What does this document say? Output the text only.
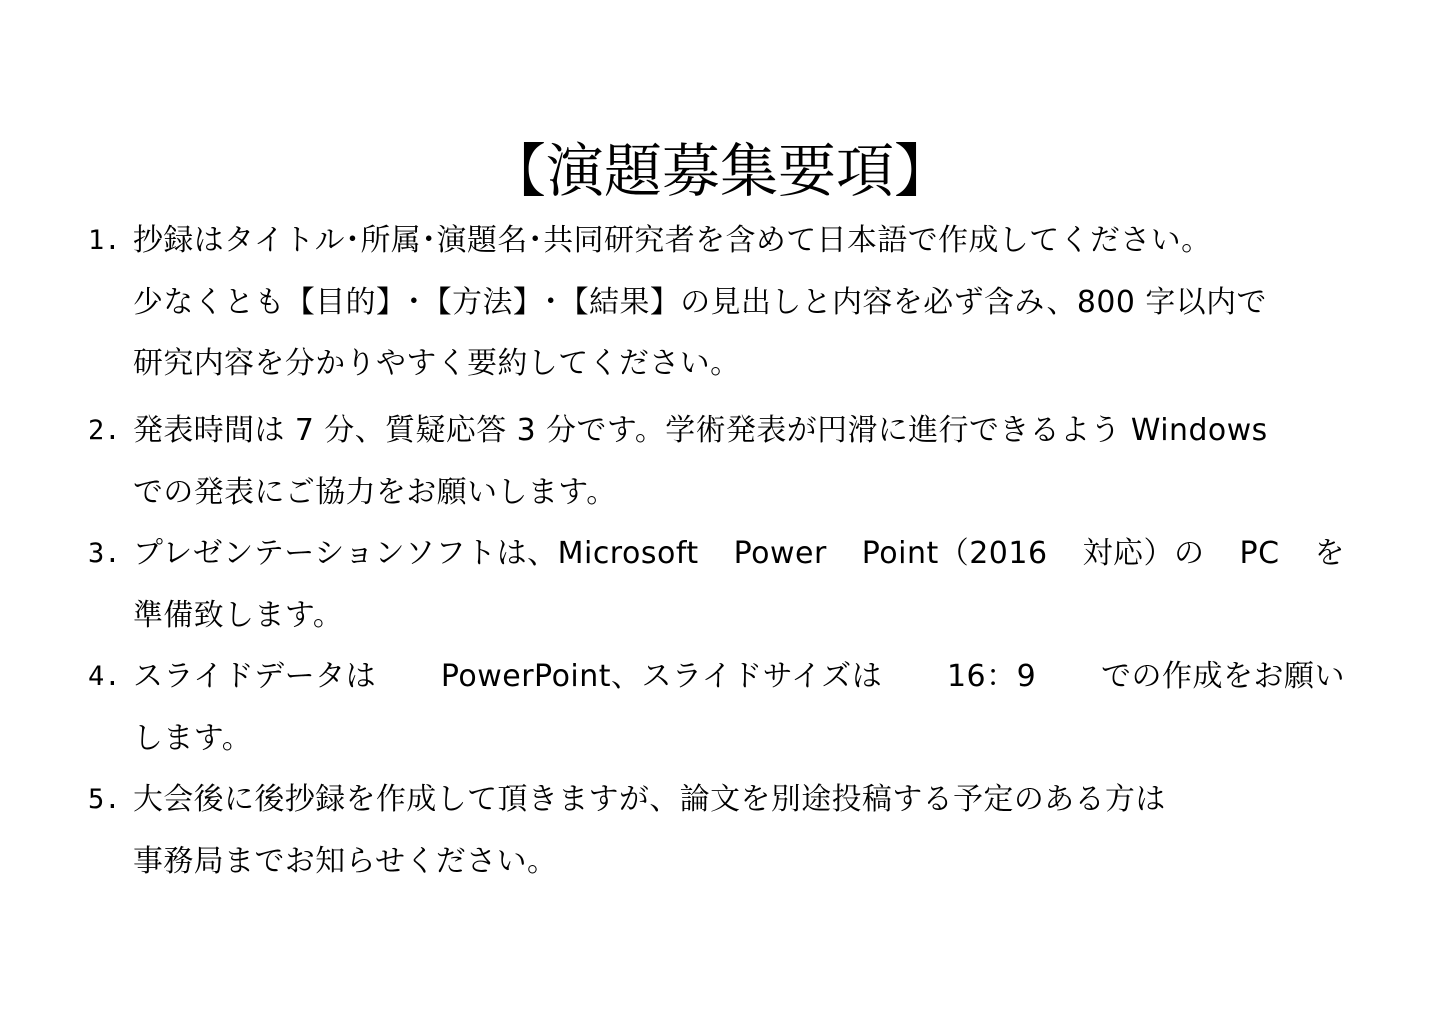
【演題募集要項】
1. 抄録はタイトル･所属･演題名･共同研究者を含めて日本語で作成してください。
少なくとも【目的】･【方法】･【結果】の見出しと内容を必ず含み、800 字以内で
研究内容を分かりやすく要約してください。
2. 発表時間は 7 分、質疑応答 3 分です。学術発表が円滑に進行できるよう Windows
での発表にご協力をお願いします。
3. プレゼンテーションソフトは、Microsoft Power Point（2016 対応）の PC を
準備致します。
4. スライドデータは PowerPoint、スライドサイズは 16：9 での作成をお願い
します。
5. 大会後に後抄録を作成して頂きますが、論文を別途投稿する予定のある方は
事務局までお知らせください。
